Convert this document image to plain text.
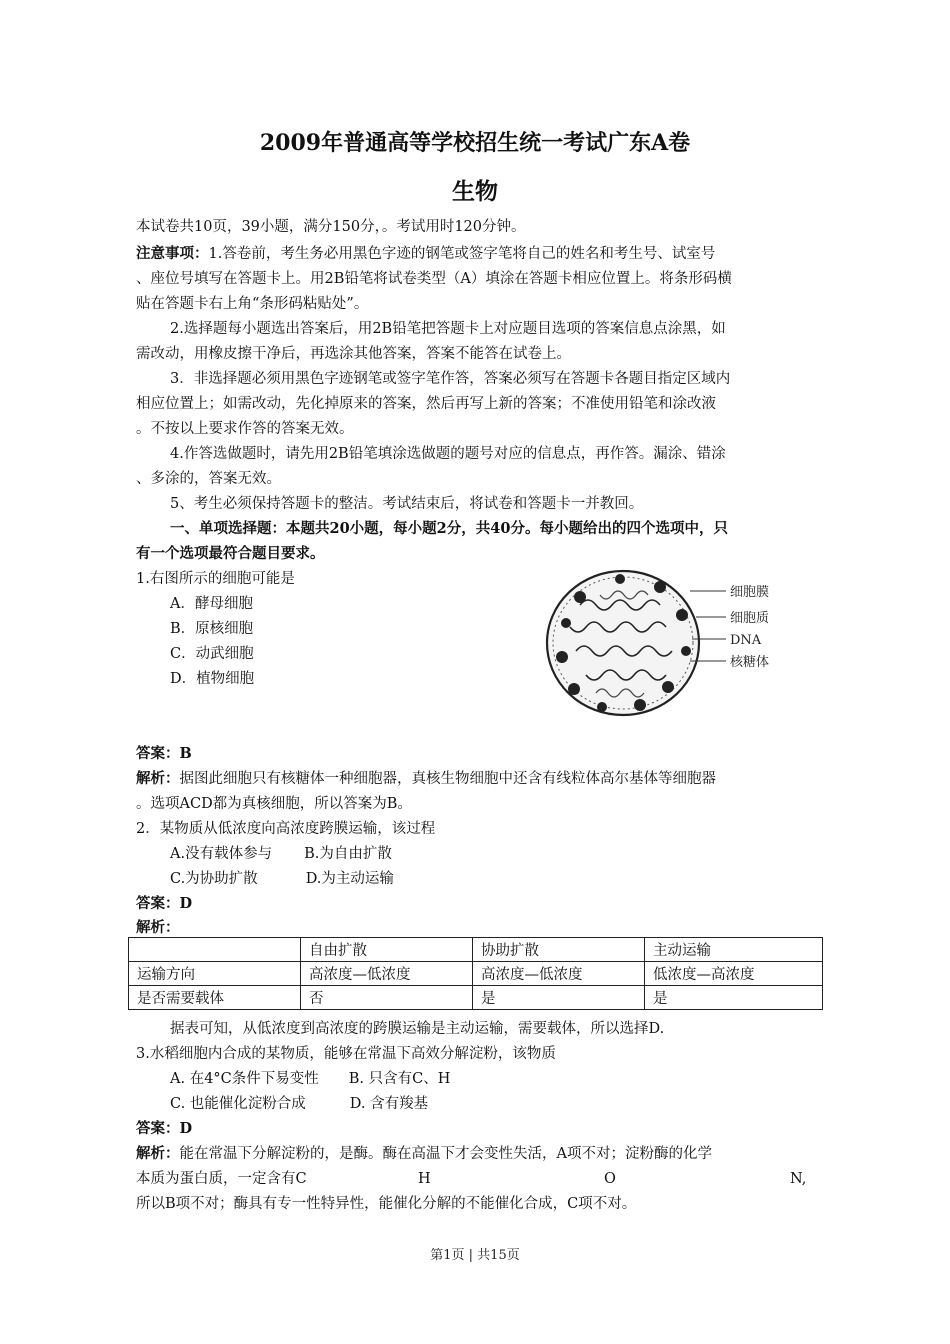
2009年普通高等学校招生统一考试广东A卷
生物
本试卷共10页，39小题，满分150分，。考试用时120分钟。
注意事项：1.答卷前，考生务必用黑色字迹的钢笔或签字笔将自己的姓名和考生号、试室号
、座位号填写在答题卡上。用2B铅笔将试卷类型（A）填涂在答题卡相应位置上。将条形码横
贴在答题卡右上角“条形码粘贴处”。
2.选择题每小题选出答案后，用2B铅笔把答题卡上对应题目选项的答案信息点涂黑，如
需改动，用橡皮擦干净后，再选涂其他答案，答案不能答在试卷上。
3．非选择题必须用黑色字迹钢笔或签字笔作答，答案必须写在答题卡各题目指定区域内
相应位置上；如需改动，先化掉原来的答案，然后再写上新的答案；不准使用铅笔和涂改液
。不按以上要求作答的答案无效。
4.作答选做题时，请先用2B铅笔填涂选做题的题号对应的信息点，再作答。漏涂、错涂
、多涂的，答案无效。
5、考生必须保持答题卡的整洁。考试结束后，将试卷和答题卡一并教回。
一、单项选择题：本题共20小题，每小题2分，共40分。每小题给出的四个选项中，只
有一个选项最符合题目要求。
1.右图所示的细胞可能是
A．酵母细胞
B．原核细胞
C．动武细胞
D．植物细胞
细胞膜
细胞质
DNA
核糖体
答案：B
解析：据图此细胞只有核糖体一种细胞器，真核生物细胞中还含有线粒体高尔基体等细胞器
。选项ACD都为真核细胞，所以答案为B。
2．某物质从低浓度向高浓度跨膜运输，该过程
A.没有载体参与 B.为自由扩散
C.为协助扩散	D.为主动运输
答案：D
解析：
	自由扩散	协助扩散	主动运输
运输方向	高浓度—低浓度	高浓度—低浓度	低浓度—高浓度
是否需要载体	否	是	是
据表可知，从低浓度到高浓度的跨膜运输是主动运输，需要载体，所以选择D.
3.水稻细胞内合成的某物质，能够在常温下高效分解淀粉，该物质
A. 在4°C条件下易变性 B. 只含有C、H
C. 也能催化淀粉合成	D. 含有羧基
答案：D
解析：能在常温下分解淀粉的，是酶。酶在高温下才会变性失活，A项不对；淀粉酶的化学
本质为蛋白质，一定含有C	H	O	N,
所以B项不对；酶具有专一性特异性，能催化分解的不能催化合成，C项不对。
第1页 | 共15页
